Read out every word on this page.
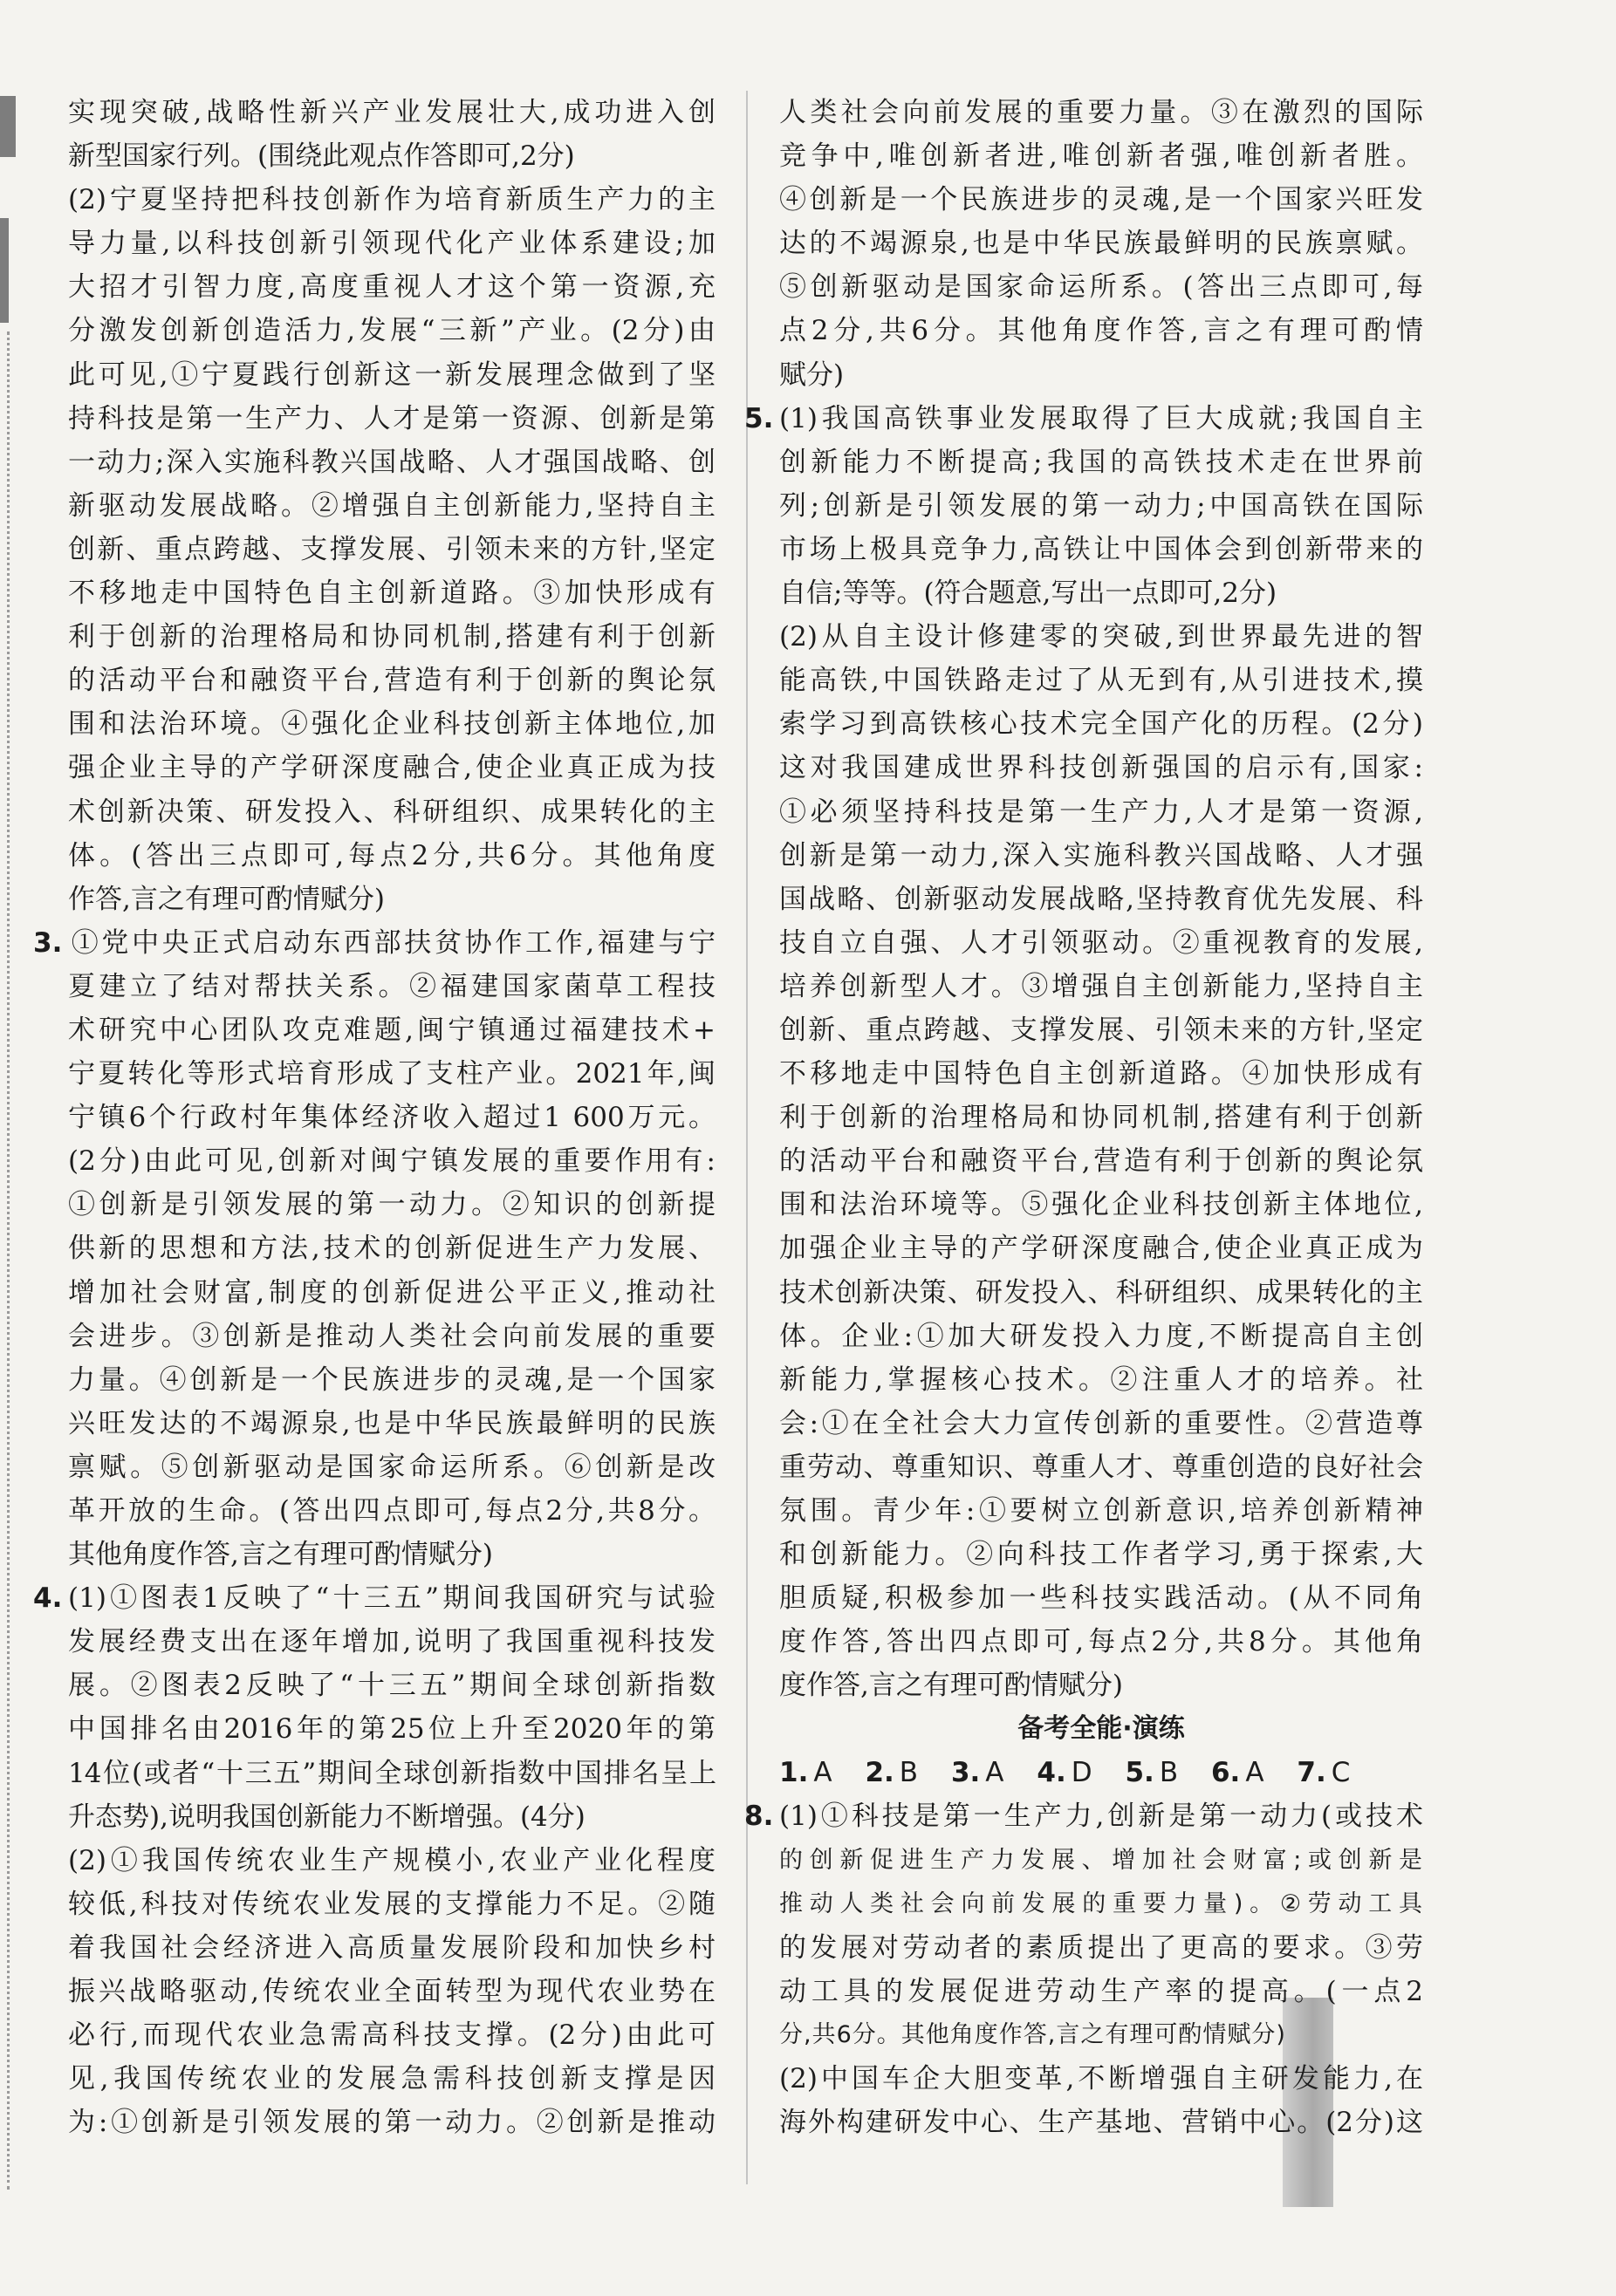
实现突破,战略性新兴产业发展壮大,成功进入创

新型国家行列。(围绕此观点作答即可,2分)

(2)宁夏坚持把科技创新作为培育新质生产力的主

导力量,以科技创新引领现代化产业体系建设;加

大招才引智力度,高度重视人才这个第一资源,充

分激发创新创造活力,发展“三新”产业。(2分)由

此可见,①宁夏践行创新这一新发展理念做到了坚

持科技是第一生产力、人才是第一资源、创新是第

一动力;深入实施科教兴国战略、人才强国战略、创

新驱动发展战略。②增强自主创新能力,坚持自主

创新、重点跨越、支撑发展、引领未来的方针,坚定

不移地走中国特色自主创新道路。③加快形成有

利于创新的治理格局和协同机制,搭建有利于创新

的活动平台和融资平台,营造有利于创新的舆论氛

围和法治环境。④强化企业科技创新主体地位,加

强企业主导的产学研深度融合,使企业真正成为技

术创新决策、研发投入、科研组织、成果转化的主

体。(答出三点即可,每点2分,共6分。其他角度

作答,言之有理可酌情赋分)

3. ①党中央正式启动东西部扶贫协作工作,福建与宁

夏建立了结对帮扶关系。②福建国家菌草工程技

术研究中心团队攻克难题,闽宁镇通过福建技术+

宁夏转化等形式培育形成了支柱产业。2021年,闽

宁镇6个行政村年集体经济收入超过1 600万元。

(2分)由此可见,创新对闽宁镇发展的重要作用有:

①创新是引领发展的第一动力。②知识的创新提

供新的思想和方法,技术的创新促进生产力发展、

增加社会财富,制度的创新促进公平正义,推动社

会进步。③创新是推动人类社会向前发展的重要

力量。④创新是一个民族进步的灵魂,是一个国家

兴旺发达的不竭源泉,也是中华民族最鲜明的民族

禀赋。⑤创新驱动是国家命运所系。⑥创新是改

革开放的生命。(答出四点即可,每点2分,共8分。

其他角度作答,言之有理可酌情赋分)

4. (1)①图表1反映了“十三五”期间我国研究与试验

发展经费支出在逐年增加,说明了我国重视科技发

展。②图表2反映了“十三五”期间全球创新指数

中国排名由2016年的第25位上升至2020年的第

14位(或者“十三五”期间全球创新指数中国排名呈上

升态势),说明我国创新能力不断增强。(4分)

(2)①我国传统农业生产规模小,农业产业化程度

较低,科技对传统农业发展的支撑能力不足。②随

着我国社会经济进入高质量发展阶段和加快乡村

振兴战略驱动,传统农业全面转型为现代农业势在

必行,而现代农业急需高科技支撑。(2分)由此可

见,我国传统农业的发展急需科技创新支撑是因

为:①创新是引领发展的第一动力。②创新是推动

人类社会向前发展的重要力量。③在激烈的国际

竞争中,唯创新者进,唯创新者强,唯创新者胜。

④创新是一个民族进步的灵魂,是一个国家兴旺发

达的不竭源泉,也是中华民族最鲜明的民族禀赋。

⑤创新驱动是国家命运所系。(答出三点即可,每

点2分,共6分。其他角度作答,言之有理可酌情

赋分)

5. (1)我国高铁事业发展取得了巨大成就;我国自主

创新能力不断提高;我国的高铁技术走在世界前

列;创新是引领发展的第一动力;中国高铁在国际

市场上极具竞争力,高铁让中国体会到创新带来的

自信;等等。(符合题意,写出一点即可,2分)

(2)从自主设计修建零的突破,到世界最先进的智

能高铁,中国铁路走过了从无到有,从引进技术,摸

索学习到高铁核心技术完全国产化的历程。(2分)

这对我国建成世界科技创新强国的启示有,国家:

①必须坚持科技是第一生产力,人才是第一资源,

创新是第一动力,深入实施科教兴国战略、人才强

国战略、创新驱动发展战略,坚持教育优先发展、科

技自立自强、人才引领驱动。②重视教育的发展,

培养创新型人才。③增强自主创新能力,坚持自主

创新、重点跨越、支撑发展、引领未来的方针,坚定

不移地走中国特色自主创新道路。④加快形成有

利于创新的治理格局和协同机制,搭建有利于创新

的活动平台和融资平台,营造有利于创新的舆论氛

围和法治环境等。⑤强化企业科技创新主体地位,

加强企业主导的产学研深度融合,使企业真正成为

技术创新决策、研发投入、科研组织、成果转化的主

体。企业:①加大研发投入力度,不断提高自主创

新能力,掌握核心技术。②注重人才的培养。社

会:①在全社会大力宣传创新的重要性。②营造尊

重劳动、尊重知识、尊重人才、尊重创造的良好社会

氛围。青少年:①要树立创新意识,培养创新精神

和创新能力。②向科技工作者学习,勇于探索,大

胆质疑,积极参加一些科技实践活动。(从不同角

度作答,答出四点即可,每点2分,共8分。其他角

度作答,言之有理可酌情赋分)

备考全能·演练
1. A 2. B 3. A 4. D 5. B 6. A 7. C

8. (1)①科技是第一生产力,创新是第一动力(或技术

的创新促进生产力发展、增加社会财富;或创新是

推动人类社会向前发展的重要力量)。②劳动工具

的发展对劳动者的素质提出了更高的要求。③劳

动工具的发展促进劳动生产率的提高。(一点2

分,共6分。其他角度作答,言之有理可酌情赋分)

(2)中国车企大胆变革,不断增强自主研发能力,在

海外构建研发中心、生产基地、营销中心。(2分)这
